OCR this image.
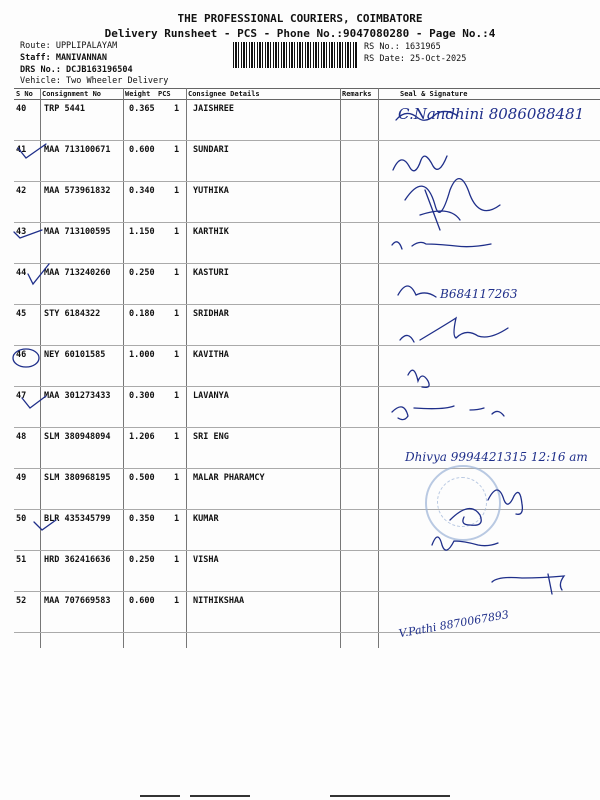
THE PROFESSIONAL COURIERS, COIMBATORE
Delivery Runsheet - PCS - Phone No.:9047080280 - Page No.:4
Route: UPPLIPALAYAM
Staff: MANIVANNAN
DRS No.: DCJB163196504
Vehicle: Two Wheeler Delivery
RS No.: 1631965
RS Date: 25-Oct-2025
S No Consignment No	Weight PCS Consignee Details	Remarks	Seal & Signature
40 TRP 5441	0.365 1 JAISHREE
41 MAA 713100671 0.600 1 SUNDARI
42 MAA 573961832 0.340 1 YUTHIKA
43 MAA 713100595 1.150 1 KARTHIK
44 MAA 713240260 0.250 1 KASTURI
45 STY 6184322	0.180 1 SRIDHAR
46 NEY 60101585	1.000 1 KAVITHA
47 MAA 301273433 0.300 1 LAVANYA
48 SLM 380948094 1.206 1 SRI ENG
49 SLM 380968195 0.500 1 MALAR PHARAMCY
50 BLR 435345799 0.350 1 KUMAR
51 HRD 362416636 0.250 1 VISHA
52 MAA 707669583 0.600 1 NITHIKSHAA
C.Nandhini 8086088481
B684117263
Dhivya 9994421315 12:16 am
V.Pathi 8870067893
